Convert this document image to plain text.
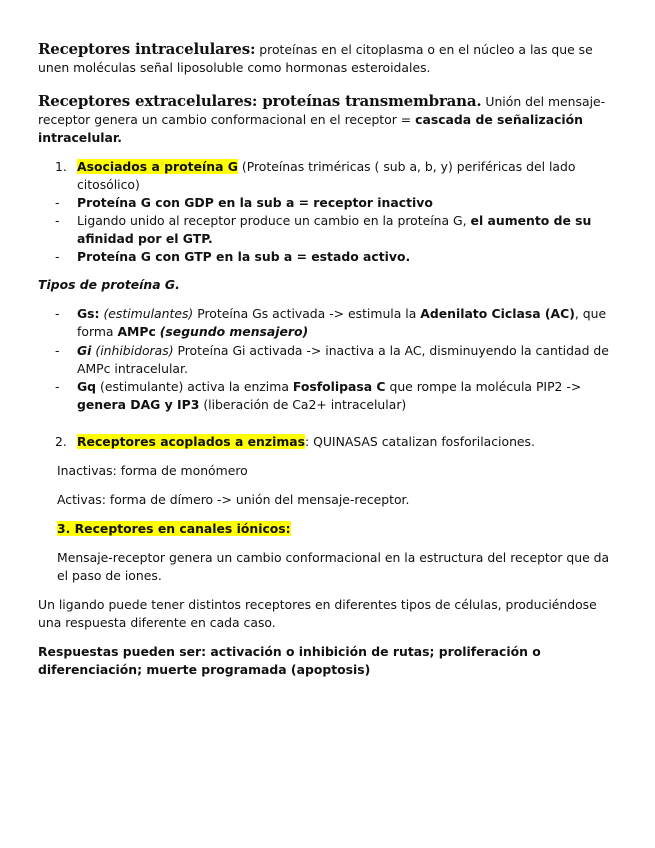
Receptores intracelulares: proteínas en el citoplasma o en el núcleo a las que se unen moléculas señal liposoluble como hormonas esteroidales.

Receptores extracelulares: proteínas transmembrana. Unión del mensaje-receptor genera un cambio conformacional en el receptor = cascada de señalización intracelular.

1. Asociados a proteína G (Proteínas triméricas ( sub a, b, y) periféricas del lado citosólico)

- Proteína G con GDP en la sub a = receptor inactivo

- Ligando unido al receptor produce un cambio en la proteína G, el aumento de su afinidad por el GTP.

- Proteína G con GTP en la sub a = estado activo.

Tipos de proteína G.

- Gs: (estimulantes) Proteína Gs activada -> estimula la Adenilato Ciclasa (AC), que forma AMPc (segundo mensajero)

- Gi (inhibidoras) Proteína Gi activada -> inactiva a la AC, disminuyendo la cantidad de AMPc intracelular.

- Gq (estimulante) activa la enzima Fosfolipasa C que rompe la molécula PIP2 -> genera DAG y IP3 (liberación de Ca2+ intracelular)

2. Receptores acoplados a enzimas: QUINASAS catalizan fosforilaciones.

Inactivas: forma de monómero

Activas: forma de dímero -> unión del mensaje-receptor.

3. Receptores en canales iónicos:

Mensaje-receptor genera un cambio conformacional en la estructura del receptor que da el paso de iones.

Un ligando puede tener distintos receptores en diferentes tipos de células, produciéndose una respuesta diferente en cada caso.

Respuestas pueden ser: activación o inhibición de rutas; proliferación o diferenciación; muerte programada (apoptosis)
